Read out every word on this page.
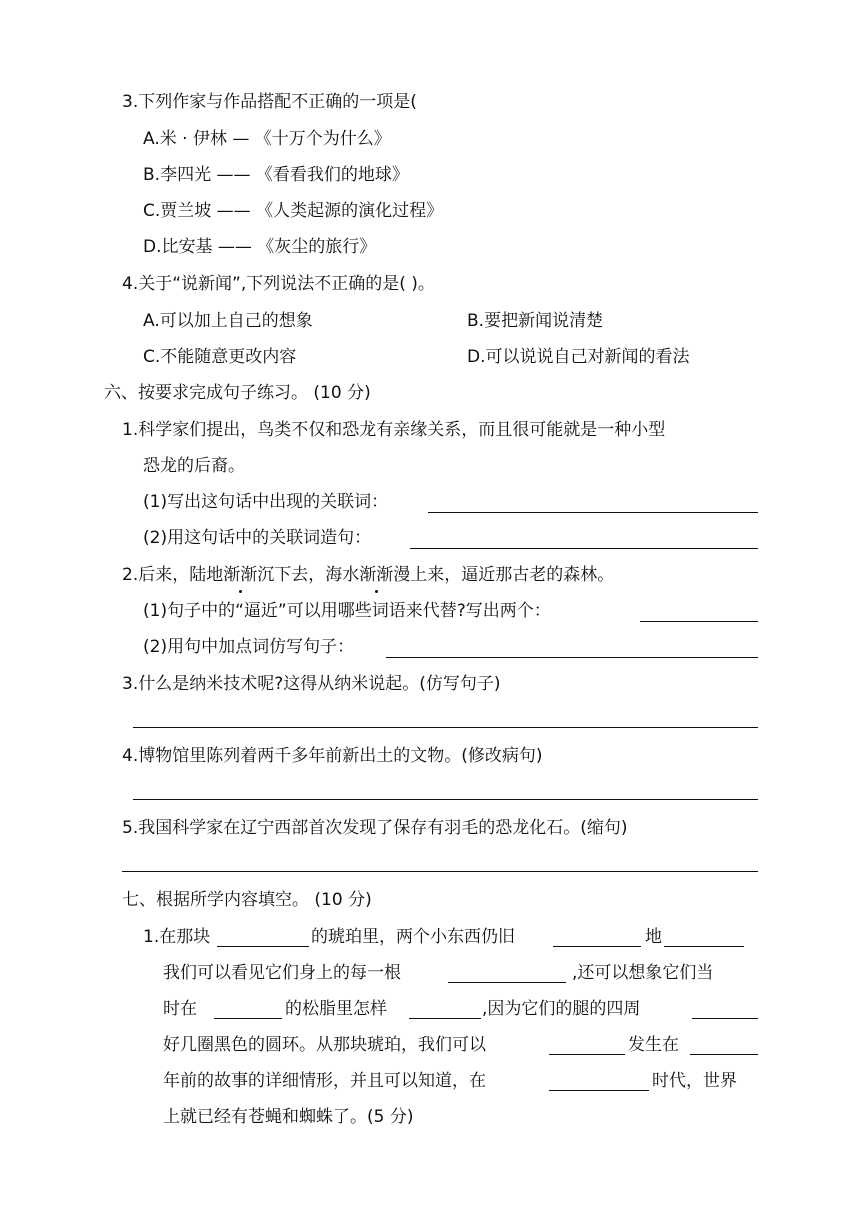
3.下列作家与作品搭配不正确的一项是(
A.米 · 伊林 — 《十万个为什么》
B.李四光 —— 《看看我们的地球》
C.贾兰坡 —— 《人类起源的演化过程》
D.比安基 —— 《灰尘的旅行》
4.关于“说新闻”,下列说法不正确的是( )。
A.可以加上自己的想象	B.要把新闻说清楚
C.不能随意更改内容	D.可以说说自己对新闻的看法
六、按要求完成句子练习。 (10 分)
1.科学家们提出，鸟类不仅和恐龙有亲缘关系，而且很可能就是一种小型
恐龙的后裔。
(1)写出这句话中出现的关联词：
(2)用这句话中的关联词造句：
2.后来，陆地渐渐沉下去，海水渐渐漫上来，逼近那古老的森林。
(1)句子中的“逼近”可以用哪些词语来代替?写出两个：
(2)用句中加点词仿写句子：
3.什么是纳米技术呢?这得从纳米说起。(仿写句子)
4.博物馆里陈列着两千多年前新出土的文物。(修改病句)
5.我国科学家在辽宁西部首次发现了保存有羽毛的恐龙化石。(缩句)
七、根据所学内容填空。 (10 分)
1.在那块	的琥珀里，两个小东西仍旧	地
我们可以看见它们身上的每一根	,还可以想象它们当
时在	的松脂里怎样	,因为它们的腿的四周
好几圈黑色的圆环。从那块琥珀，我们可以	发生在
年前的故事的详细情形，并且可以知道，在	时代，世界
上就已经有苍蝇和蜘蛛了。(5 分)
